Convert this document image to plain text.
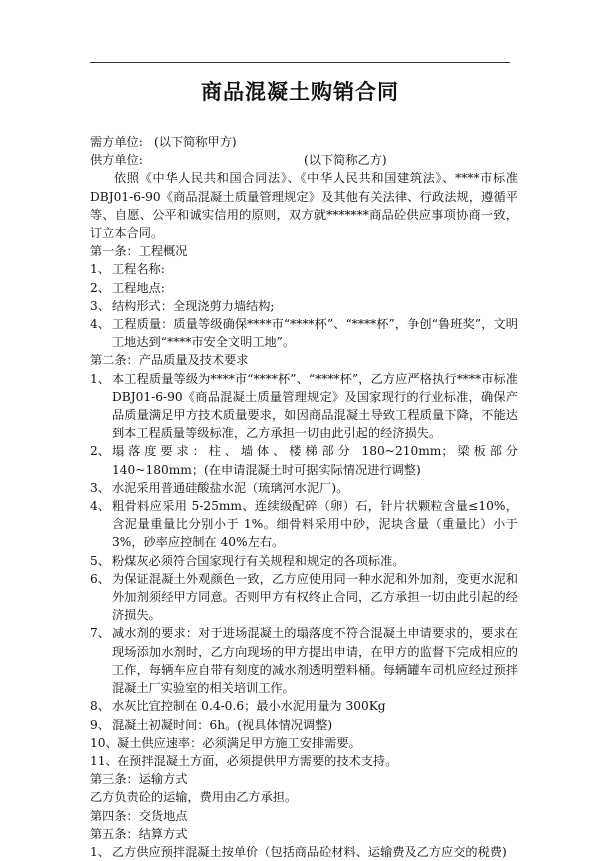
商品混凝土购销合同
需方单位: (以下简称甲方)
供方单位:	(以下简称乙方)
依照《中华人民共和国合同法》、《中华人民共和国建筑法》、****市标准DBJ01-6-90《商品混凝土质量管理规定》及其他有关法律、行政法规，遵循平等、自愿、公平和诚实信用的原则，双方就*******商品砼供应事项协商一致，订立本合同。
第一条：工程概况
1、 工程名称:
2、 工程地点:
3、 结构形式：全现浇剪力墙结构;
4、 工程质量：质量等级确保****市“****杯”、“****杯”，争创“鲁班奖”，文明工地达到“****市安全文明工地”。
第二条：产品质量及技术要求
1、 本工程质量等级为****市“****杯”、“****杯”，乙方应严格执行****市标准DBJ01-6-90《商品混凝土质量管理规定》及国家现行的行业标准，确保产品质量满足甲方技术质量要求，如因商品混凝土导致工程质量下降，不能达到本工程质量等级标准，乙方承担一切由此引起的经济损失。
2、 塌落度要求：柱、墙体、楼梯部分 180~210mm；梁板部分 140~180mm；(在申请混凝土时可据实际情况进行调整)
3、 水泥采用普通硅酸盐水泥（琉璃河水泥厂)。
4、 粗骨料应采用 5-25mm、连续级配碎（卵）石，针片状颗粒含量≤10%，含泥量重量比分别小于 1%。细骨料采用中砂，泥块含量（重量比）小于 3%，砂率应控制在 40%左右。
5、 粉煤灰必须符合国家现行有关规程和规定的各项标准。
6、 为保证混凝土外观颜色一致，乙方应使用同一种水泥和外加剂，变更水泥和外加剂须经甲方同意。否则甲方有权终止合同，乙方承担一切由此引起的经济损失。
7、 减水剂的要求：对于进场混凝土的塌落度不符合混凝土申请要求的，要求在现场添加水剂时，乙方向现场的甲方提出申请，在甲方的监督下完成相应的工作，每辆车应自带有刻度的减水剂透明塑料桶。每辆罐车司机应经过预拌混凝土厂实验室的相关培训工作。
8、 水灰比宜控制在 0.4-0.6；最小水泥用量为 300Kg
9、 混凝土初凝时间：6h。(视具体情况调整)
10、 凝土供应速率：必须满足甲方施工安排需要。
11、 在预拌混凝土方面，必须提供甲方需要的技术支持。
第三条：运输方式
乙方负责砼的运输，费用由乙方承担。
第四条：交货地点
第五条：结算方式
1、 乙方供应预拌混凝土按单价（包括商品砼材料、运输费及乙方应交的税费)
